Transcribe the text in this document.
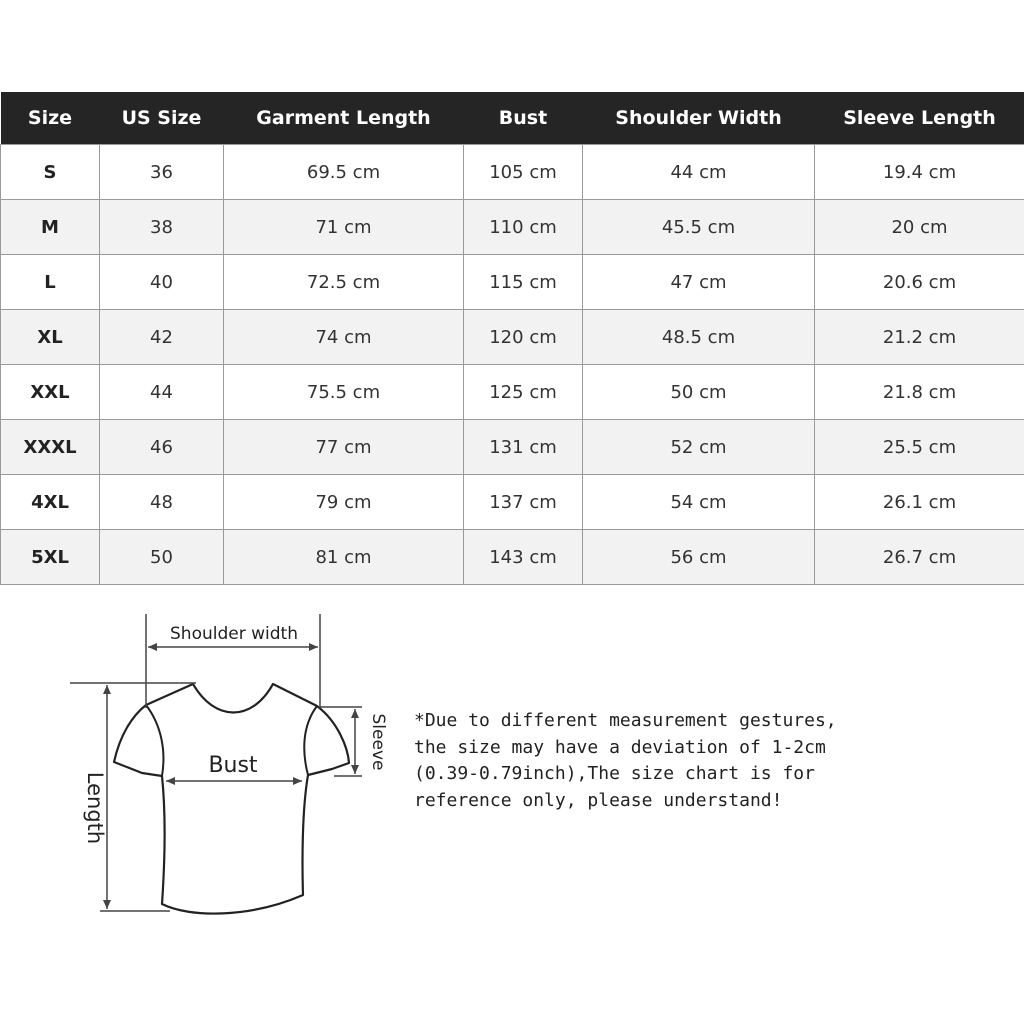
Size	US Size	Garment Length	Bust	Shoulder Width	Sleeve Length
S	36	69.5 cm	105 cm	44 cm	19.4 cm
M	38	71 cm	110 cm	45.5 cm	20 cm
L	40	72.5 cm	115 cm	47 cm	20.6 cm
XL	42	74 cm	120 cm	48.5 cm	21.2 cm
XXL	44	75.5 cm	125 cm	50 cm	21.8 cm
XXXL	46	77 cm	131 cm	52 cm	25.5 cm
4XL	48	79 cm	137 cm	54 cm	26.1 cm
5XL	50	81 cm	143 cm	56 cm	26.7 cm
Shoulder width
Bust	Sleeve
Length

*Due to different measurement gestures, the size may have a deviation of 1-2cm (0.39-0.79inch),The size chart is for reference only, please understand!
